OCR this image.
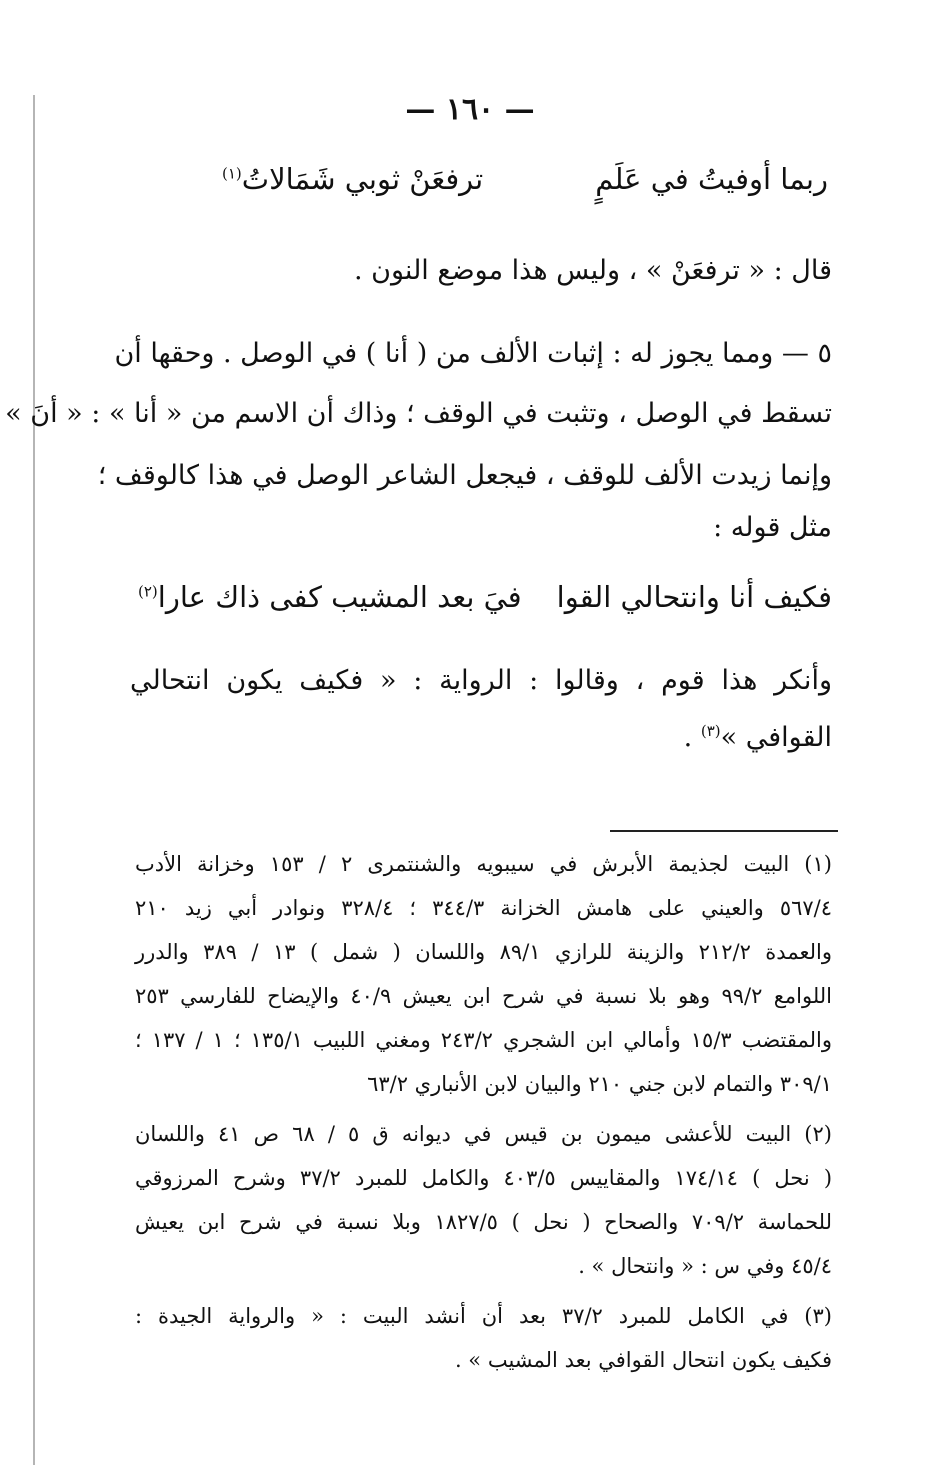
— ١٦٠ —
ربما أوفيتُ في عَلَمٍ
ترفعَنْ ثوبي شَمَالاتُ$^{(١)}$
قال : « ترفعَنْ » ، وليس هذا موضع النون .
٥ — ومما يجوز له : إثبات الألف من ( أنا ) في الوصل . وحقها أن
تسقط في الوصل ، وتثبت في الوقف ؛ وذاك أن الاسم من « أنا » : « أنَ »
وإنما زيدت الألف للوقف ، فيجعل الشاعر الوصل في هذا كالوقف ؛
مثل قوله :
فكيف أنا وانتحالي القوا
فيَ بعد المشيب كفى ذاك عارا$^{(٢)}$
وأنكر هذا قوم ، وقالوا : الرواية : « فكيف يكون انتحالي
القوافي »$^{(٣)}$ .
(١) البيت لجذيمة الأبرش في سيبويه والشنتمرى ٢ / ١٥٣ وخزانة الأدب
٥٦٧/٤ والعيني على هامش الخزانة ٣٤٤/٣ ؛ ٣٢٨/٤ ونوادر أبي زيد ٢١٠
والعمدة ٢١٢/٢ والزينة للرازي ٨٩/١ واللسان ( شمل ) ١٣ / ٣٨٩ والدرر
اللوامع ٩٩/٢ وهو بلا نسبة في شرح ابن يعيش ٤٠/٩ والإيضاح للفارسي ٢٥٣
والمقتضب ١٥/٣ وأمالي ابن الشجري ٢٤٣/٢ ومغني اللبيب ١٣٥/١ ؛ ١ / ١٣٧ ؛
٣٠٩/١ والتمام لابن جني ٢١٠ والبيان لابن الأنباري ٦٣/٢
(٢) البيت للأعشى ميمون بن قيس في ديوانه ق ٥ / ٦٨ ص ٤١ واللسان
( نحل ) ١٧٤/١٤ والمقاييس ٤٠٣/٥ والكامل للمبرد ٣٧/٢ وشرح المرزوقي
للحماسة ٧٠٩/٢ والصحاح ( نحل ) ١٨٢٧/٥ وبلا نسبة في شرح ابن يعيش
٤٥/٤ وفي س : « وانتحال » .
(٣) في الكامل للمبرد ٣٧/٢ بعد أن أنشد البيت : « والرواية الجيدة :
فكيف يكون انتحال القوافي بعد المشيب » .
